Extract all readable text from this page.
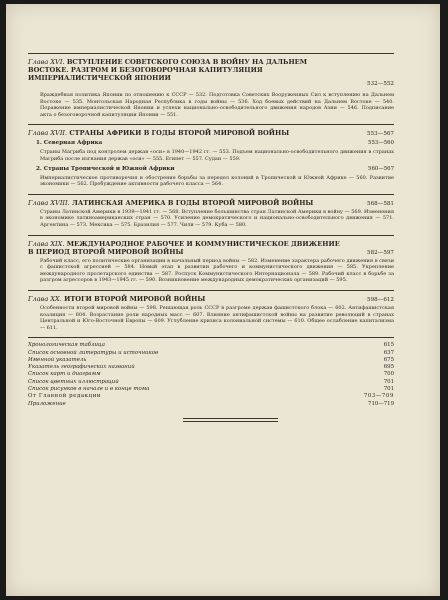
Глава XVI. ВСТУПЛЕНИЕ СОВЕТСКОГО СОЮЗА В ВОЙНУ НА ДАЛЬНЕМ ВОСТОКЕ. РАЗГРОМ И БЕЗОГОВОРОЧНАЯ КАПИТУЛЯЦИЯ ИМПЕРИАЛИСТИЧЕСКОЙ ЯПОНИИ
532—552
Враждебная политика Японии по отношению к СССР — 532. Подготовка Советских Вооруженных Сил к вступлению на Дальнем Востоке — 535. Монгольская Народная Республика в годы войны — 536. Ход боевых действий на Дальнем Востоке — 540. Поражение империалистической Японии и успехи национально-освободительного движения народов Азии — 546. Подписание акта о безоговорочной капитуляции Японии — 551.
Глава XVII. СТРАНЫ АФРИКИ В ГОДЫ ВТОРОЙ МИРОВОЙ ВОЙНЫ	553—567
1. Северная Африка	553—560
Страны Магриба под контролем держав «оси» в 1940—1942 гг. — 553. Подъем национально-освободительного движения в странах Магриба после изгнания держав «оси» — 555. Египет — 557. Судан — 559.
2. Страны Тропической и Южной Африки	560—567
Империалистическое противоречия и обострение борьбы за передел колоний в Тропической и Южной Африке — 560. Развитие экономики — 562. Пробуждение активности рабочего класса — 564.
Глава XVIII. ЛАТИНСКАЯ АМЕРИКА В ГОДЫ ВТОРОЙ МИРОВОЙ ВОЙНЫ	568—581
Страны Латинской Америки в 1939—1941 гг. — 568. Вступление большинства стран Латинской Америки в войну — 569. Изменения в экономике латиноамериканских стран — 570. Усиление демократического и национально-освободительного движения — 571. Аргентина — 573. Мексика — 575. Бразилия — 577. Чили — 579. Куба — 580.
Глава XIX. МЕЖДУНАРОДНОЕ РАБОЧЕЕ И КОММУНИСТИЧЕСКОЕ ДВИЖЕНИЕ В ПЕРИОД ВТОРОЙ МИРОВОЙ ВОЙНЫ	582—597
Рабочий класс, его политические организации в начальный период войны — 582. Изменение характера рабочего движения в связи с фашистской агрессией — 584. Новый этап в развитии рабочего и коммунистического движения — 585. Укрепление международного пролетарского единства — 587. Роспуск Коммунистического Интернационала — 589. Рабочий класс в борьбе за разгром агрессоров в 1943—1945 гг. — 590. Возникновение международных демократических организаций — 595.
Глава XX. ИТОГИ ВТОРОЙ МИРОВОЙ ВОЙНЫ	598—612
Особенности второй мировой войны — 598. Решающая роль СССР в разгроме держав фашистского блока — 602. Антифашистская коалиция — 604. Возрастание роли народных масс — 607. Влияние антифашистской войны на развитие революций в странах Центральной и Юго-Восточной Европы — 609. Углубление кризиса колониальной системы — 610. Общее ослабление капитализма — 611.
Хронологическая таблица	615
Список основной литературы и источников	637
Именной указатель	675
Указатель географических названий	695
Список карт и диаграмм	700
Список цветных иллюстраций	701
Список рисунков в начале и в конце тома	701
От Главной редакции	703—709
Приложение	710—719
